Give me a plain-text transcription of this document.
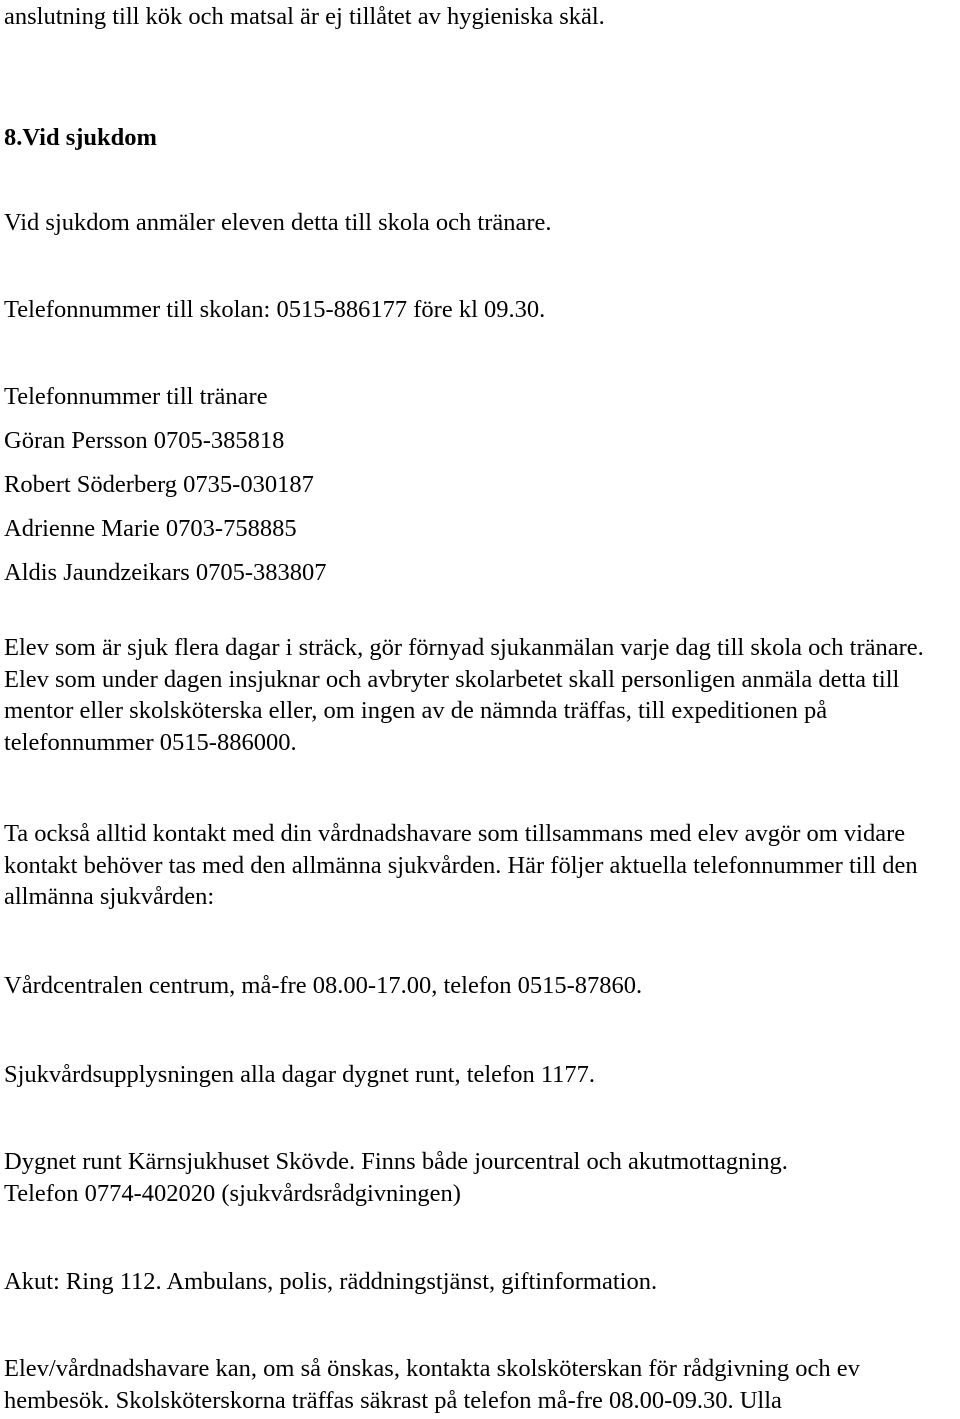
anslutning till kök och matsal är ej tillåtet av hygieniska skäl.
8.Vid sjukdom
Vid sjukdom anmäler eleven detta till skola och tränare.
Telefonnummer till skolan: 0515-886177 före kl 09.30.
Telefonnummer till tränare
Göran Persson 0705-385818
Robert Söderberg 0735-030187
Adrienne Marie 0703-758885
Aldis Jaundzeikars 0705-383807
Elev som är sjuk flera dagar i sträck, gör förnyad sjukanmälan varje dag till skola och tränare. Elev som under dagen insjuknar och avbryter skolarbetet skall personligen anmäla detta till mentor eller skolsköterska eller, om ingen av de nämnda träffas, till expeditionen på telefonnummer 0515-886000.
Ta också alltid kontakt med din vårdnadshavare som tillsammans med elev avgör om vidare kontakt behöver tas med den allmänna sjukvården. Här följer aktuella telefonnummer till den allmänna sjukvården:
Vårdcentralen centrum, må-fre 08.00-17.00, telefon 0515-87860.
Sjukvårdsupplysningen alla dagar dygnet runt, telefon 1177.
Dygnet runt Kärnsjukhuset Skövde. Finns både jourcentral och akutmottagning.
Telefon 0774-402020 (sjukvårdsrådgivningen)
Akut: Ring 112. Ambulans, polis, räddningstjänst, giftinformation.
Elev/vårdnadshavare kan, om så önskas, kontakta skolsköterskan för rådgivning och ev hembesök. Skolsköterskorna träffas säkrast på telefon må-fre 08.00-09.30. Ulla
